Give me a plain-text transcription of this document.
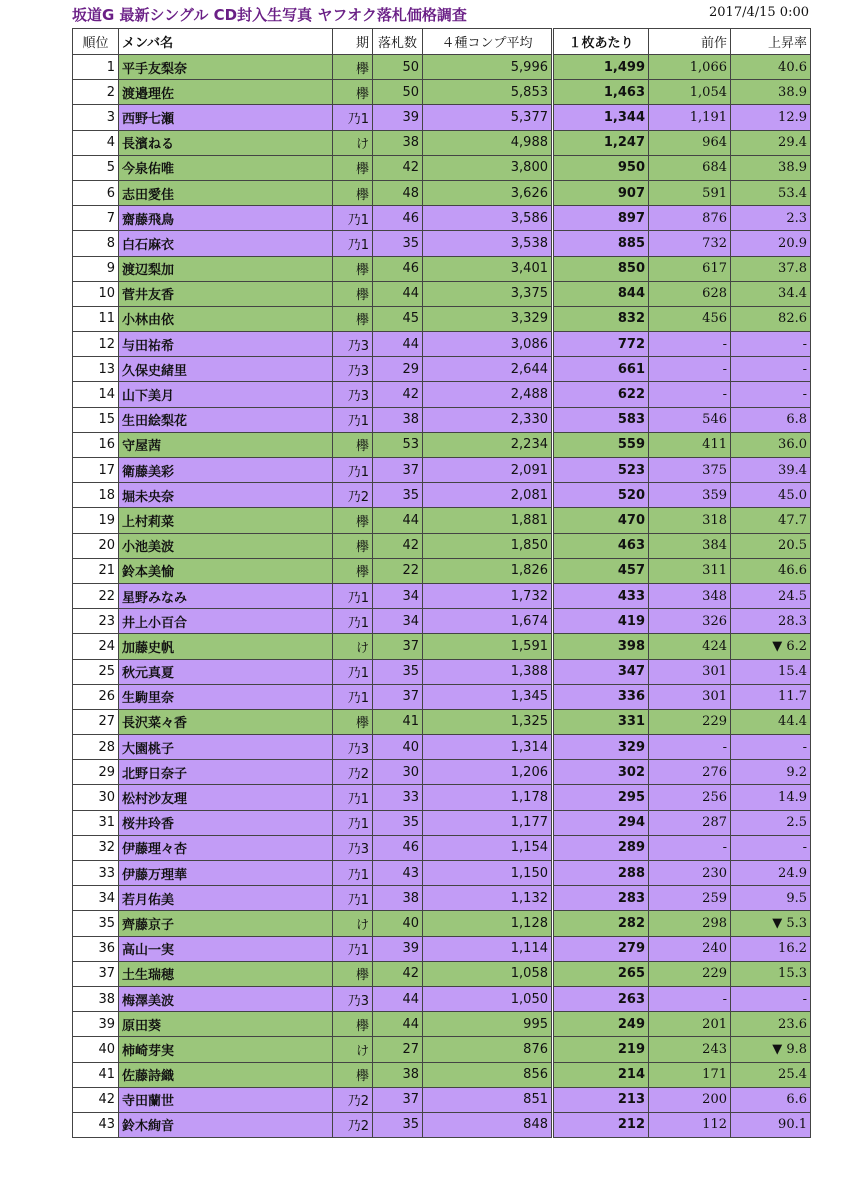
坂道G 最新シングル CD封入生写真 ヤフオク落札価格調査	2017/4/15 0:00
順位	メンバ名	期	落札数	４種コンプ平均	１枚あたり	前作	上昇率
1	平手友梨奈	欅	50	5,996	1,499	1,066	40.6
2	渡邉理佐	欅	50	5,853	1,463	1,054	38.9
3	西野七瀬	乃1	39	5,377	1,344	1,191	12.9
4	長濱ねる	け	38	4,988	1,247	964	29.4
5	今泉佑唯	欅	42	3,800	950	684	38.9
6	志田愛佳	欅	48	3,626	907	591	53.4
7	齋藤飛鳥	乃1	46	3,586	897	876	2.3
8	白石麻衣	乃1	35	3,538	885	732	20.9
9	渡辺梨加	欅	46	3,401	850	617	37.8
10	菅井友香	欅	44	3,375	844	628	34.4
11	小林由依	欅	45	3,329	832	456	82.6
12	与田祐希	乃3	44	3,086	772	-	-
13	久保史緒里	乃3	29	2,644	661	-	-
14	山下美月	乃3	42	2,488	622	-	-
15	生田絵梨花	乃1	38	2,330	583	546	6.8
16	守屋茜	欅	53	2,234	559	411	36.0
17	衛藤美彩	乃1	37	2,091	523	375	39.4
18	堀未央奈	乃2	35	2,081	520	359	45.0
19	上村莉菜	欅	44	1,881	470	318	47.7
20	小池美波	欅	42	1,850	463	384	20.5
21	鈴本美愉	欅	22	1,826	457	311	46.6
22	星野みなみ	乃1	34	1,732	433	348	24.5
23	井上小百合	乃1	34	1,674	419	326	28.3
24	加藤史帆	け	37	1,591	398	424	▼ 6.2
25	秋元真夏	乃1	35	1,388	347	301	15.4
26	生駒里奈	乃1	37	1,345	336	301	11.7
27	長沢菜々香	欅	41	1,325	331	229	44.4
28	大園桃子	乃3	40	1,314	329	-	-
29	北野日奈子	乃2	30	1,206	302	276	9.2
30	松村沙友理	乃1	33	1,178	295	256	14.9
31	桜井玲香	乃1	35	1,177	294	287	2.5
32	伊藤理々杏	乃3	46	1,154	289	-	-
33	伊藤万理華	乃1	43	1,150	288	230	24.9
34	若月佑美	乃1	38	1,132	283	259	9.5
35	齊藤京子	け	40	1,128	282	298	▼ 5.3
36	高山一実	乃1	39	1,114	279	240	16.2
37	土生瑞穂	欅	42	1,058	265	229	15.3
38	梅澤美波	乃3	44	1,050	263	-	-
39	原田葵	欅	44	995	249	201	23.6
40	柿崎芽実	け	27	876	219	243	▼ 9.8
41	佐藤詩織	欅	38	856	214	171	25.4
42	寺田蘭世	乃2	37	851	213	200	6.6
43	鈴木絢音	乃2	35	848	212	112	90.1
